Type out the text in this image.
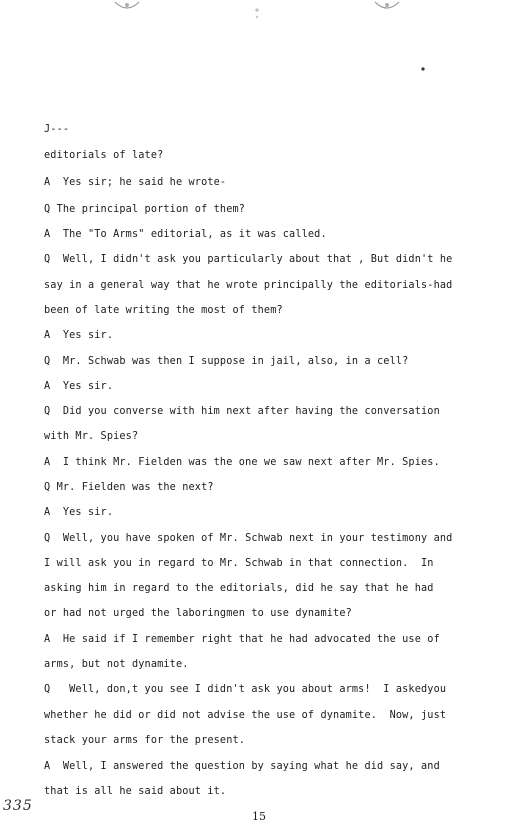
J---
editorials of late?
A  Yes sir; he said he wrote-
Q The principal portion of them?
A  The "To Arms" editorial, as it was called.
Q  Well, I didn't ask you particularly about that , But didn't he
say in a general way that he wrote principally the editorials-had
been of late writing the most of them?
A  Yes sir.
Q  Mr. Schwab was then I suppose in jail, also, in a cell?
A  Yes sir.
Q  Did you converse with him next after having the conversation
with Mr. Spies?
A  I think Mr. Fielden was the one we saw next after Mr. Spies.
Q Mr. Fielden was the next?
A  Yes sir.
Q  Well, you have spoken of Mr. Schwab next in your testimony and
I will ask you in regard to Mr. Schwab in that connection.  In
asking him in regard to the editorials, did he say that he had
or had not urged the laboringmen to use dynamite?
A  He said if I remember right that he had advocated the use of
arms, but not dynamite.
Q   Well, don,t you see I didn't ask you about arms!  I askedyou
whether he did or did not advise the use of dynamite.  Now, just
stack your arms for the present.
A  Well, I answered the question by saying what he did say, and
that is all he said about it.
335
15
